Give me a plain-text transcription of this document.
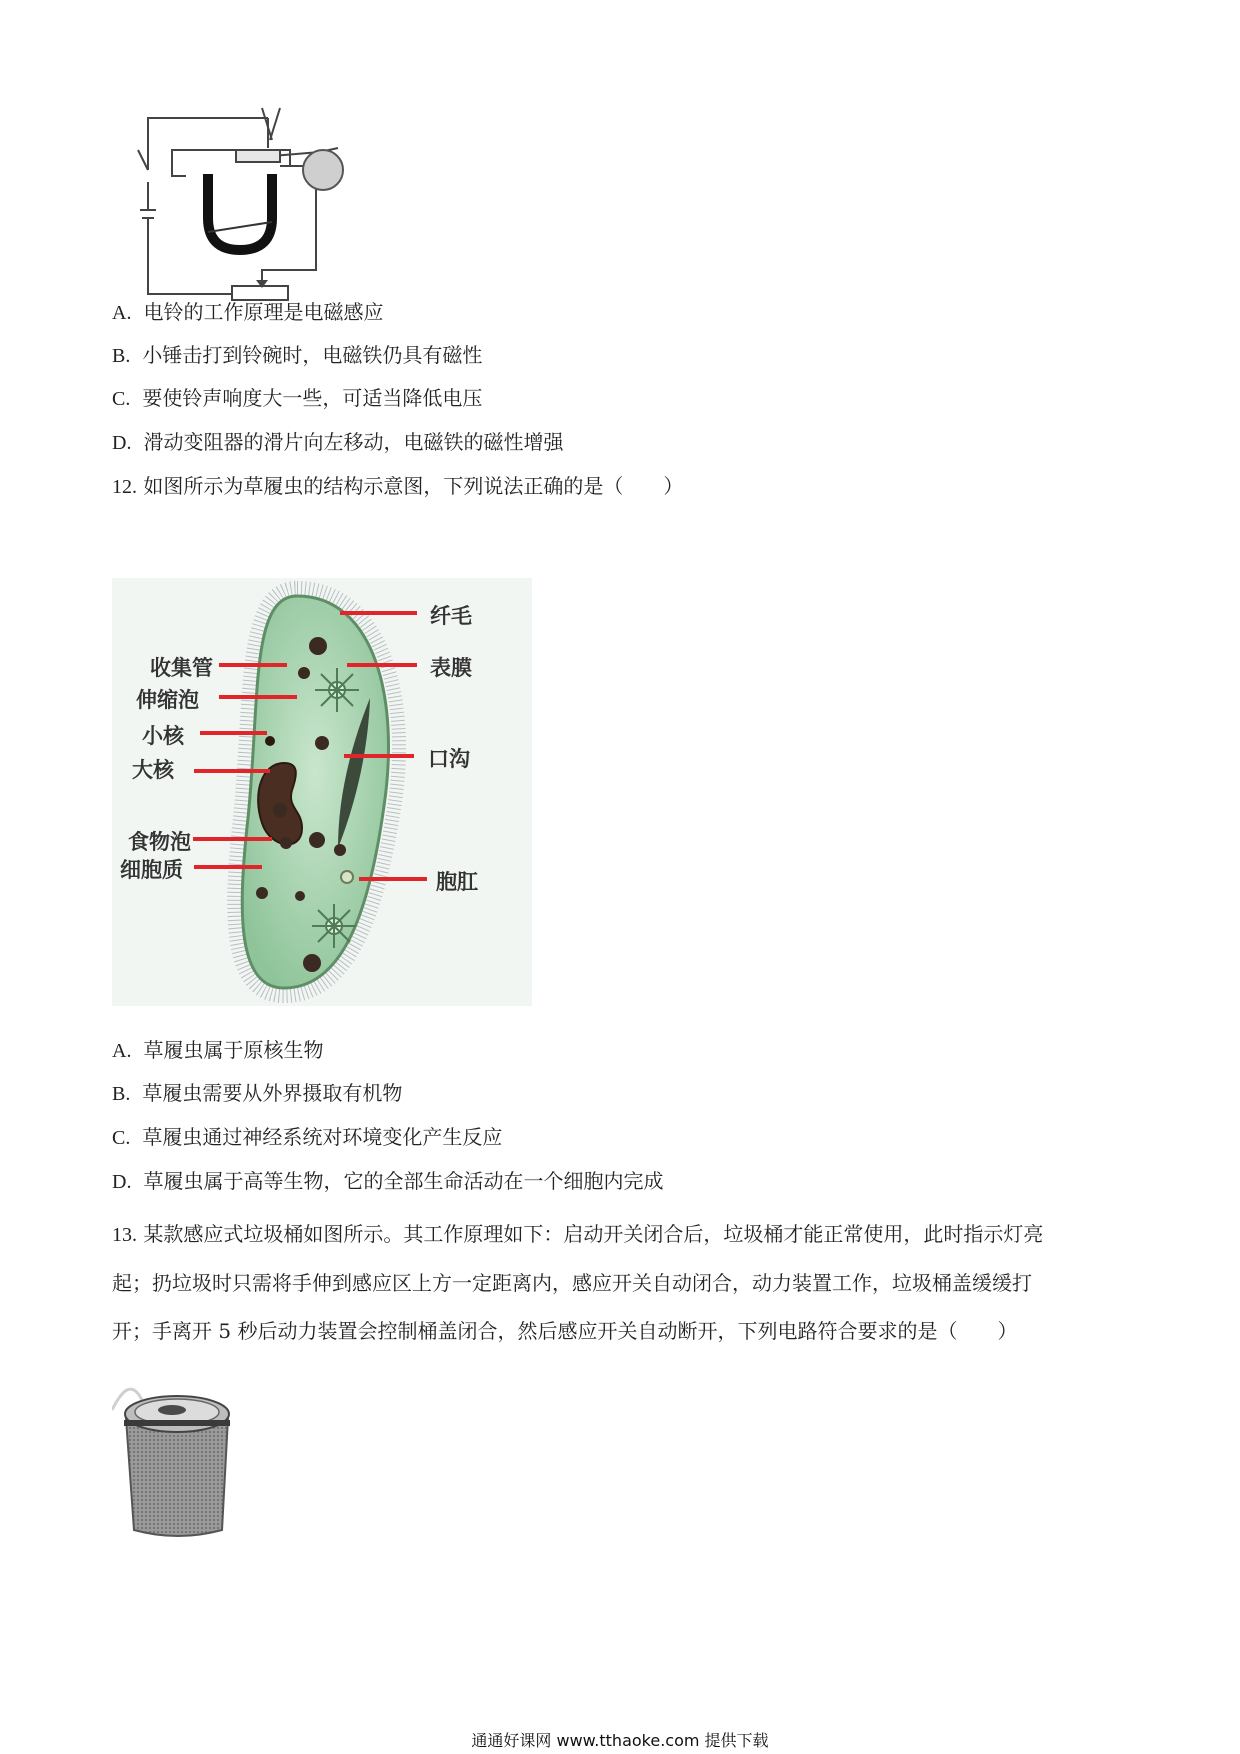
A. 电铃的工作原理是电磁感应
B. 小锤击打到铃碗时，电磁铁仍具有磁性
C. 要使铃声响度大一些，可适当降低电压
D. 滑动变阻器的滑片向左移动，电磁铁的磁性增强
12. 如图所示为草履虫的结构示意图，下列说法正确的是（　　）
纤毛
表膜
收集管
伸缩泡
小核
大核	口沟
食物泡
细胞质	胞肛
A. 草履虫属于原核生物
B. 草履虫需要从外界摄取有机物
C. 草履虫通过神经系统对环境变化产生反应
D. 草履虫属于高等生物，它的全部生命活动在一个细胞内完成
13. 某款感应式垃圾桶如图所示。其工作原理如下：启动开关闭合后，垃圾桶才能正常使用，此时指示灯亮
起；扔垃圾时只需将手伸到感应区上方一定距离内，感应开关自动闭合，动力装置工作，垃圾桶盖缓缓打
开；手离开 5 秒后动力装置会控制桶盖闭合，然后感应开关自动断开，下列电路符合要求的是（　　）
通通好课网 www.tthaoke.com 提供下载
